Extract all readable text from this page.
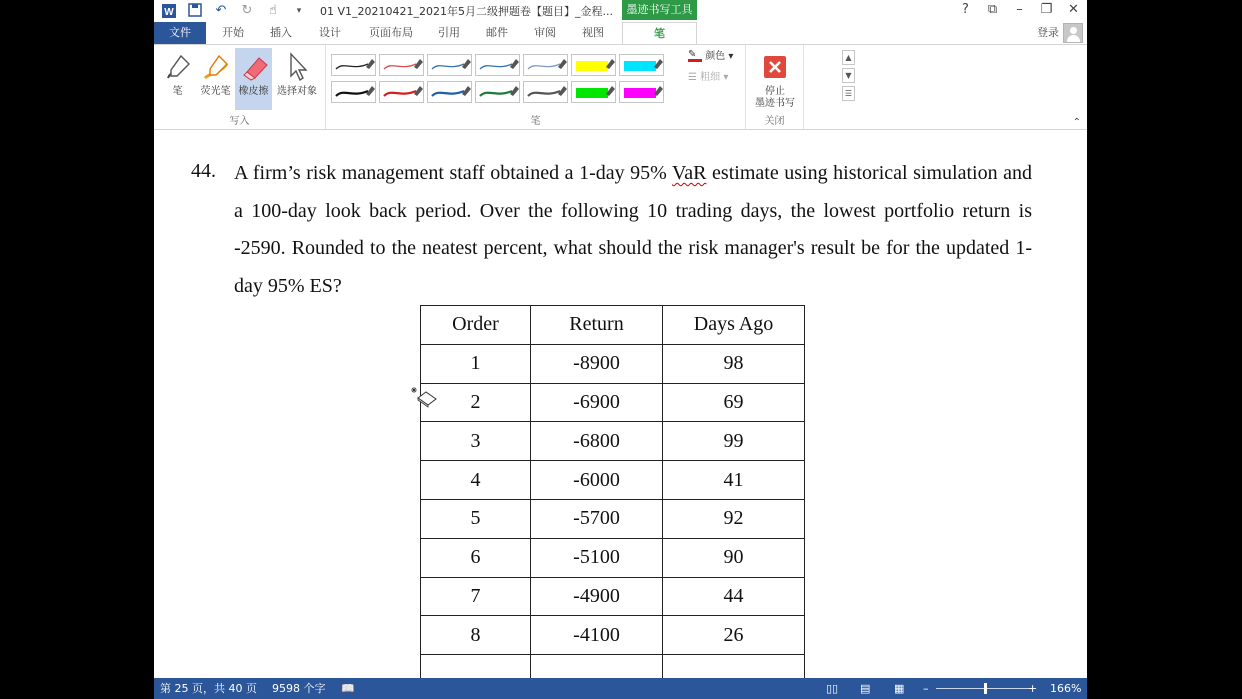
W	↶ ↻	☝	▾	01 V1_20210421_2021年5月二级押题卷【题目】_金程...	墨迹书写工具	?	⧉	–	❐	✕
文件	开始	插入	设计	页面布局	引用	邮件	审阅	视图	笔	登录
笔	荧光笔 橡皮擦 选择对象
写入
▲
▼
☰
✎ 颜色 ▾
☰ 粗细 ▾
笔
停止
墨迹书写
关闭	⌃
44. A firm’s risk management staff obtained a 1-day 95% VaR estimate using historical simulation and a 100-day look back period. Over the following 10 trading days, the lowest portfolio return is -2590. Rounded to the neatest percent, what should the risk manager's result be for the updated 1-day 95% ES?
Order	Return	Days Ago
1	-8900	98
2	-6900	69
3	-6800	99
4	-6000	41
5	-5700	92
6	-5100	90
7	-4900	44
8	-4100	26

第 25 页，共 40 页 9598 个字 📖	▯▯ ▤ ▦ –	+ 166%
